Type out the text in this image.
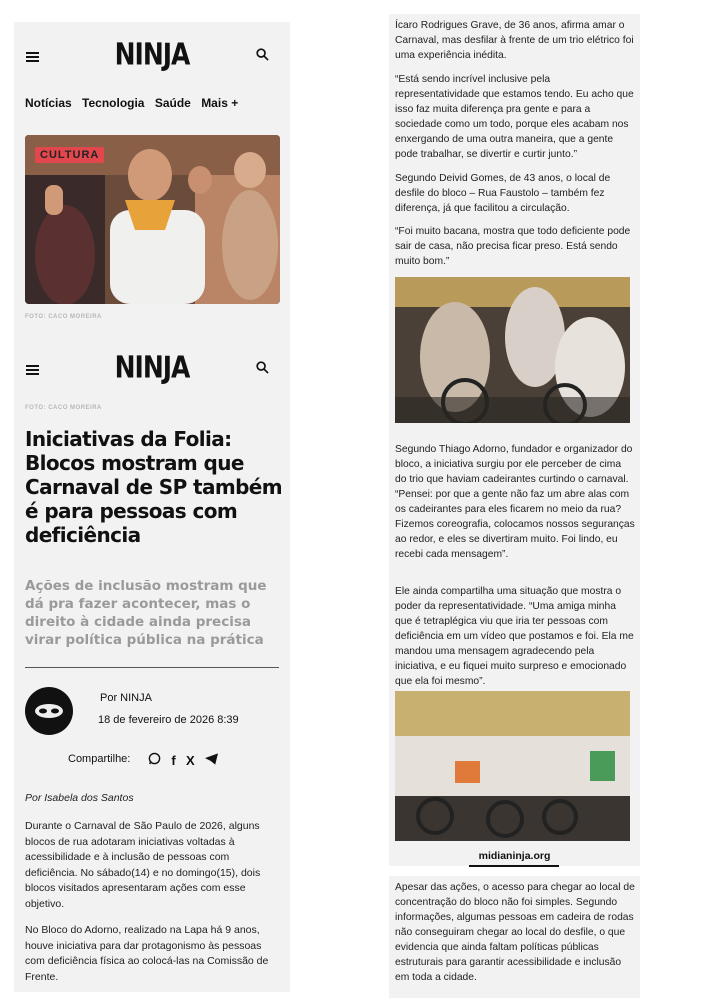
NINJA
Notícias Tecnologia Saúde Mais +
CULTURA
FOTO: CACO MOREIRA
NINJA
FOTO: CACO MOREIRA
Iniciativas da Folia: Blocos mostram que Carnaval de SP também é para pessoas com deficiência
Ações de inclusão mostram que dá pra fazer acontecer, mas o direito à cidade ainda precisa virar política pública na prática
Por NINJA
18 de fevereiro de 2026 8:39
Compartilhe:	f X
Por Isabela dos Santos
Durante o Carnaval de São Paulo de 2026, alguns blocos de rua adotaram iniciativas voltadas à acessibilidade e à inclusão de pessoas com deficiência. No sábado(14) e no domingo(15), dois blocos visitados apresentaram ações com esse objetivo.
No Bloco do Adorno, realizado na Lapa há 9 anos, houve iniciativa para dar protagonismo às pessoas com deficiência física ao colocá-las na Comissão de Frente.
Ícaro Rodrigues Grave, de 36 anos, afirma amar o Carnaval, mas desfilar à frente de um trio elétrico foi uma experiência inédita.
“Está sendo incrível inclusive pela representatividade que estamos tendo. Eu acho que isso faz muita diferença pra gente e para a sociedade como um todo, porque eles acabam nos enxergando de uma outra maneira, que a gente pode trabalhar, se divertir e curtir junto.”
Segundo Deivid Gomes, de 43 anos, o local de desfile do bloco – Rua Faustolo – também fez diferença, já que facilitou a circulação.
“Foi muito bacana, mostra que todo deficiente pode sair de casa, não precisa ficar preso. Está sendo muito bom.”
Segundo Thiago Adorno, fundador e organizador do bloco, a iniciativa surgiu por ele perceber de cima do trio que haviam cadeirantes curtindo o carnaval. “Pensei: por que a gente não faz um abre alas com os cadeirantes para eles ficarem no meio da rua? Fizemos coreografia, colocamos nossos seguranças ao redor, e eles se divertiram muito. Foi lindo, eu recebi cada mensagem”.
Ele ainda compartilha uma situação que mostra o poder da representatividade. “Uma amiga minha que é tetraplégica viu que iria ter pessoas com deficiência em um vídeo que postamos e foi. Ela me mandou uma mensagem agradecendo pela iniciativa, e eu fiquei muito surpreso e emocionado que ela foi mesmo”.
midianinja.org
Apesar das ações, o acesso para chegar ao local de concentração do bloco não foi simples. Segundo informações, algumas pessoas em cadeira de rodas não conseguiram chegar ao local do desfile, o que evidencia que ainda faltam políticas públicas estruturais para garantir acessibilidade e inclusão em toda a cidade.
